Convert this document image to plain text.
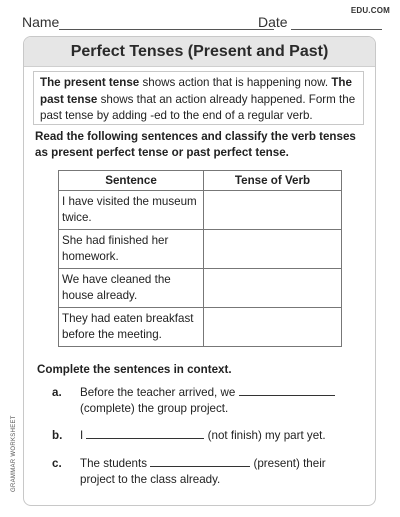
Name	Date
EDU.COM
Perfect Tenses (Present and Past)
The present tense shows action that is happening now. The past tense shows that an action already happened. Form the past tense by adding -ed to the end of a regular verb.
Read the following sentences and classify the verb tenses as present perfect tense or past perfect tense.
Sentence	Tense of Verb
I have visited the museum twice.	
She had finished her homework.	
We have cleaned the house already.	
They had eaten breakfast before the meeting.	
Complete the sentences in context.
a. Before the teacher arrived, we  (complete) the group project.
b. I	(not finish) my part yet.
c. The students	(present) their project to the class already.
GRAMMAR WORKSHEET
